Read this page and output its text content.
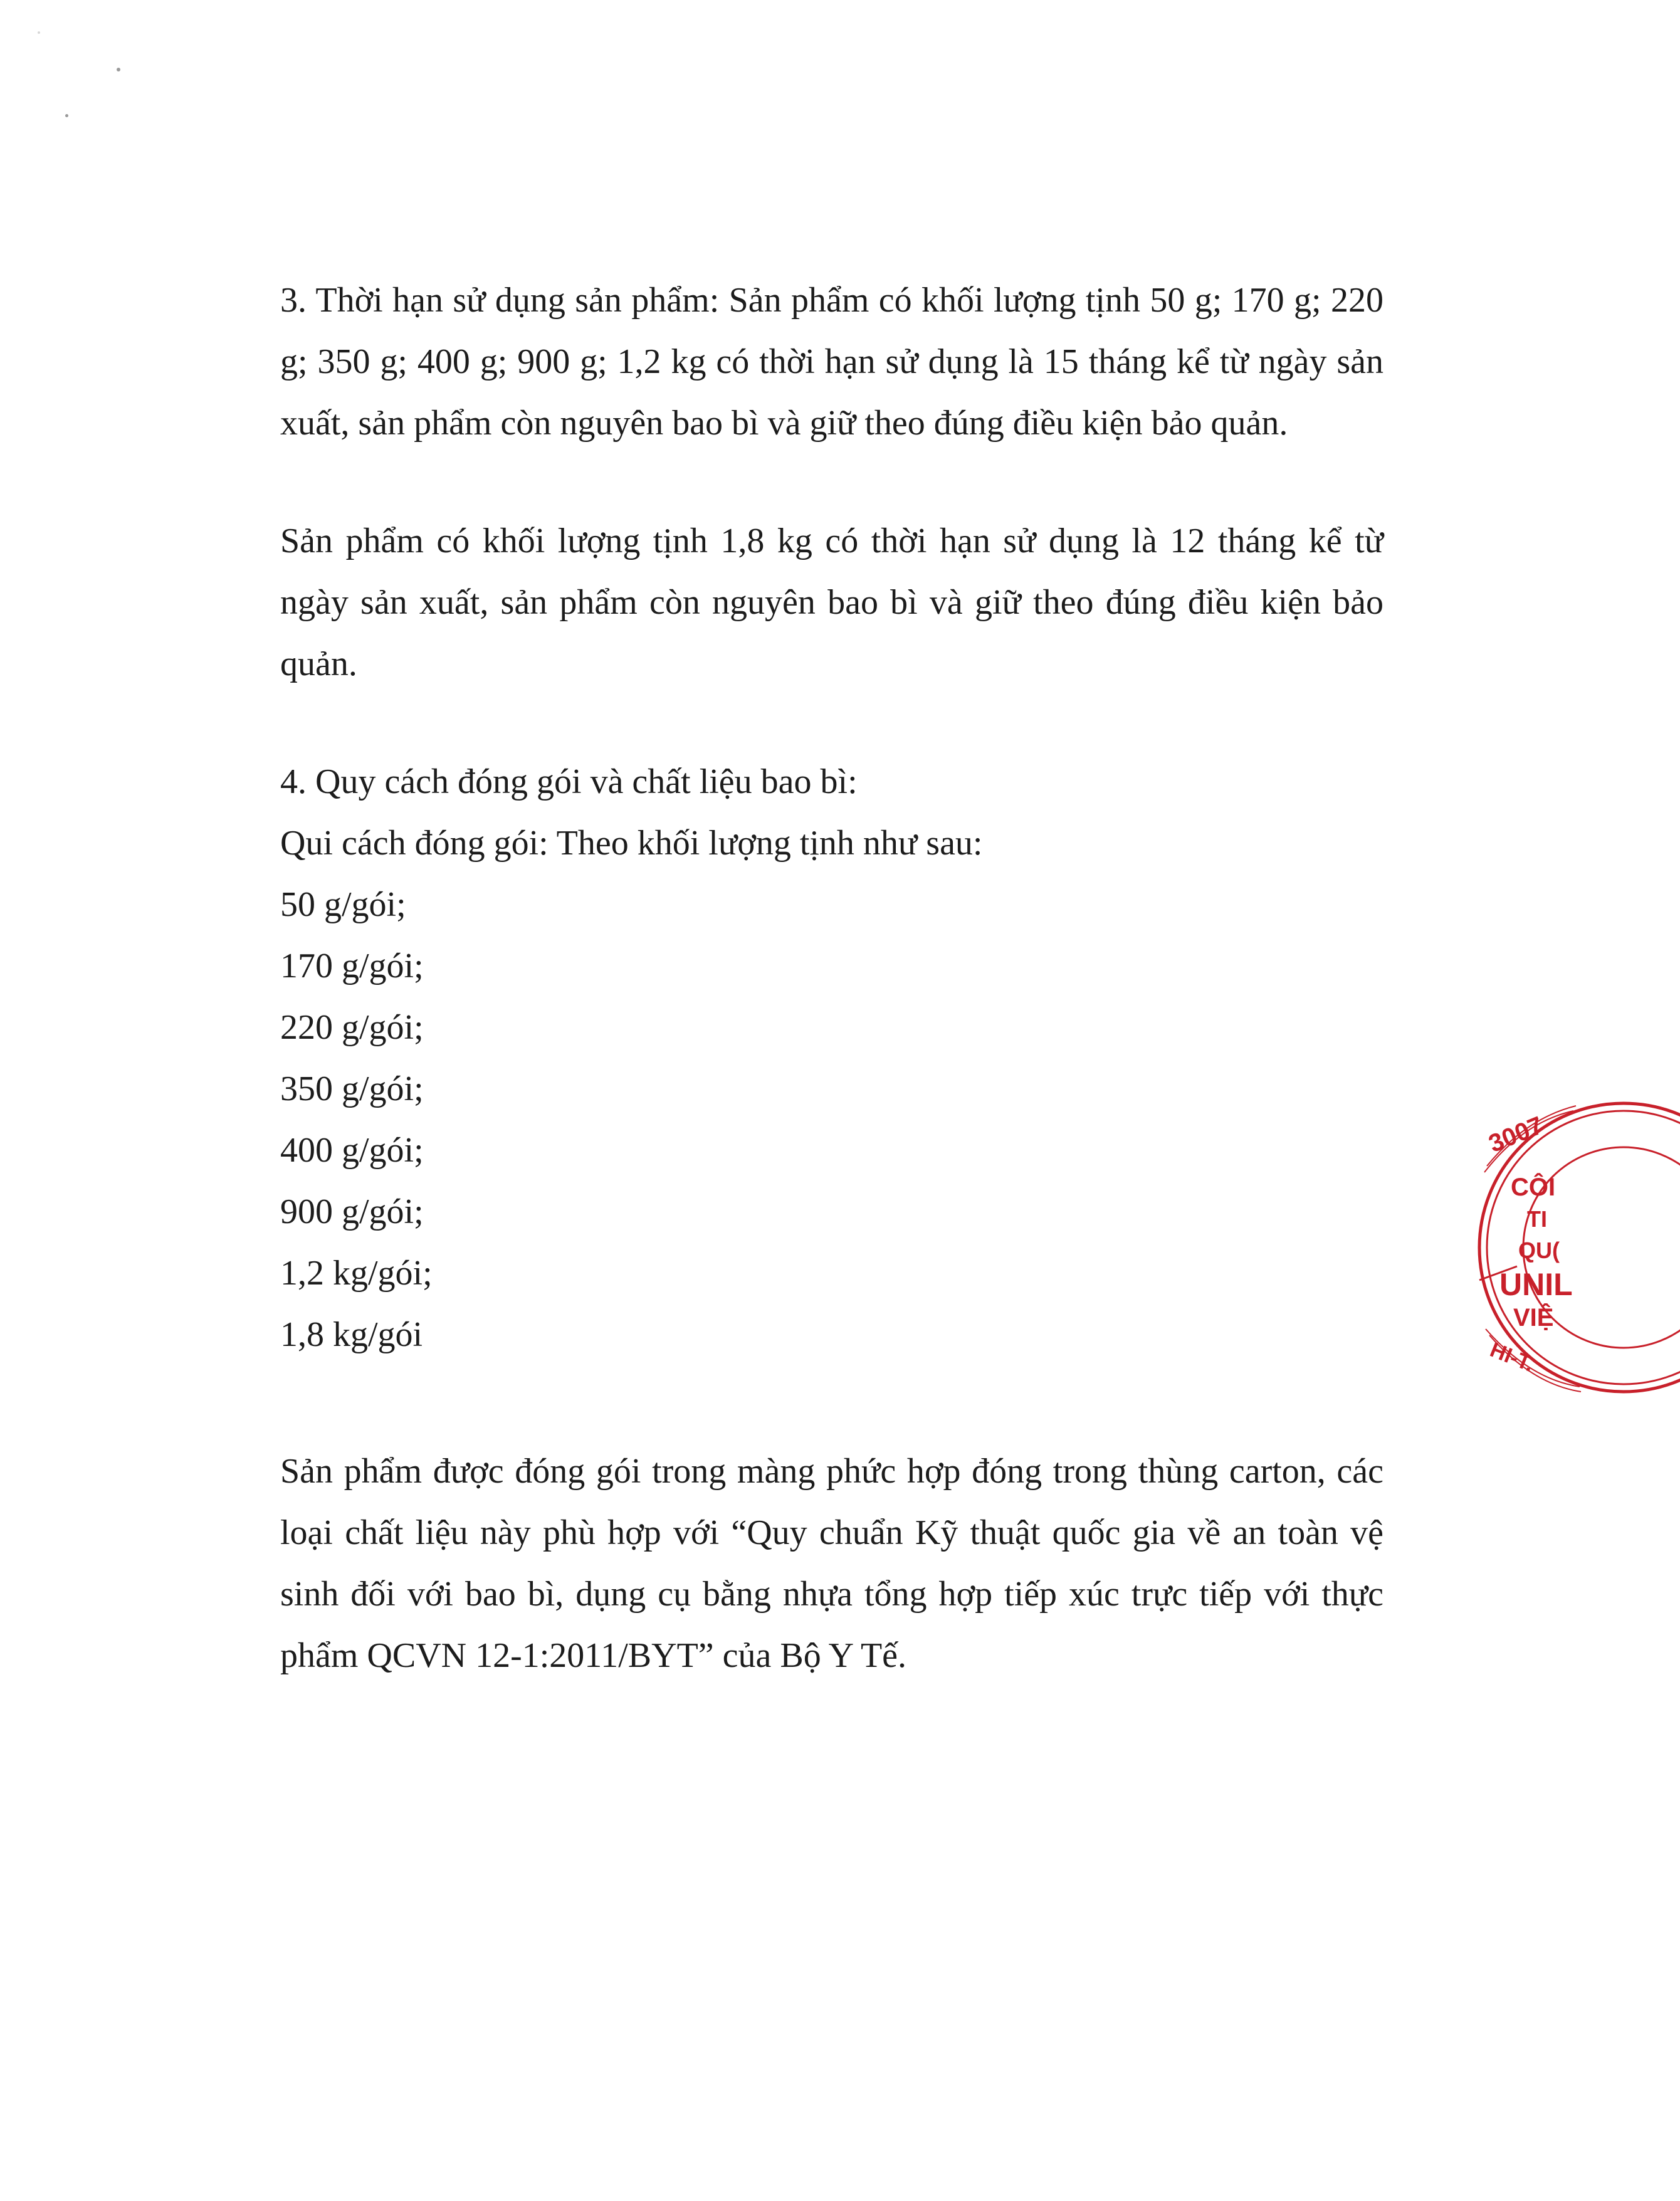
3. Thời hạn sử dụng sản phẩm: Sản phẩm có khối lượng tịnh 50 g; 170 g; 220
g; 350 g; 400 g; 900 g; 1,2 kg có thời hạn sử dụng là 15 tháng kể từ ngày sản
xuất, sản phẩm còn nguyên bao bì và giữ theo đúng điều kiện bảo quản.
Sản phẩm có khối lượng tịnh 1,8 kg có thời hạn sử dụng là 12 tháng kể từ
ngày sản xuất, sản phẩm còn nguyên bao bì và giữ theo đúng điều kiện bảo
quản.
4. Quy cách đóng gói và chất liệu bao bì:
Qui cách đóng gói: Theo khối lượng tịnh như sau:
50 g/gói;
170 g/gói;
220 g/gói;
350 g/gói;
400 g/gói;
900 g/gói;
1,2 kg/gói;
1,8 kg/gói
Sản phẩm được đóng gói trong màng phức hợp đóng trong thùng carton, các
loại chất liệu này phù hợp với “Quy chuẩn Kỹ thuật quốc gia về an toàn vệ
sinh đối với bao bì, dụng cụ bằng nhựa tổng hợp tiếp xúc trực tiếp với thực
phẩm QCVN 12-1:2011/BYT” của Bộ Y Tế.
3007
CÔI
TI
QU(
UNIL
VIỆ
HI-T.
